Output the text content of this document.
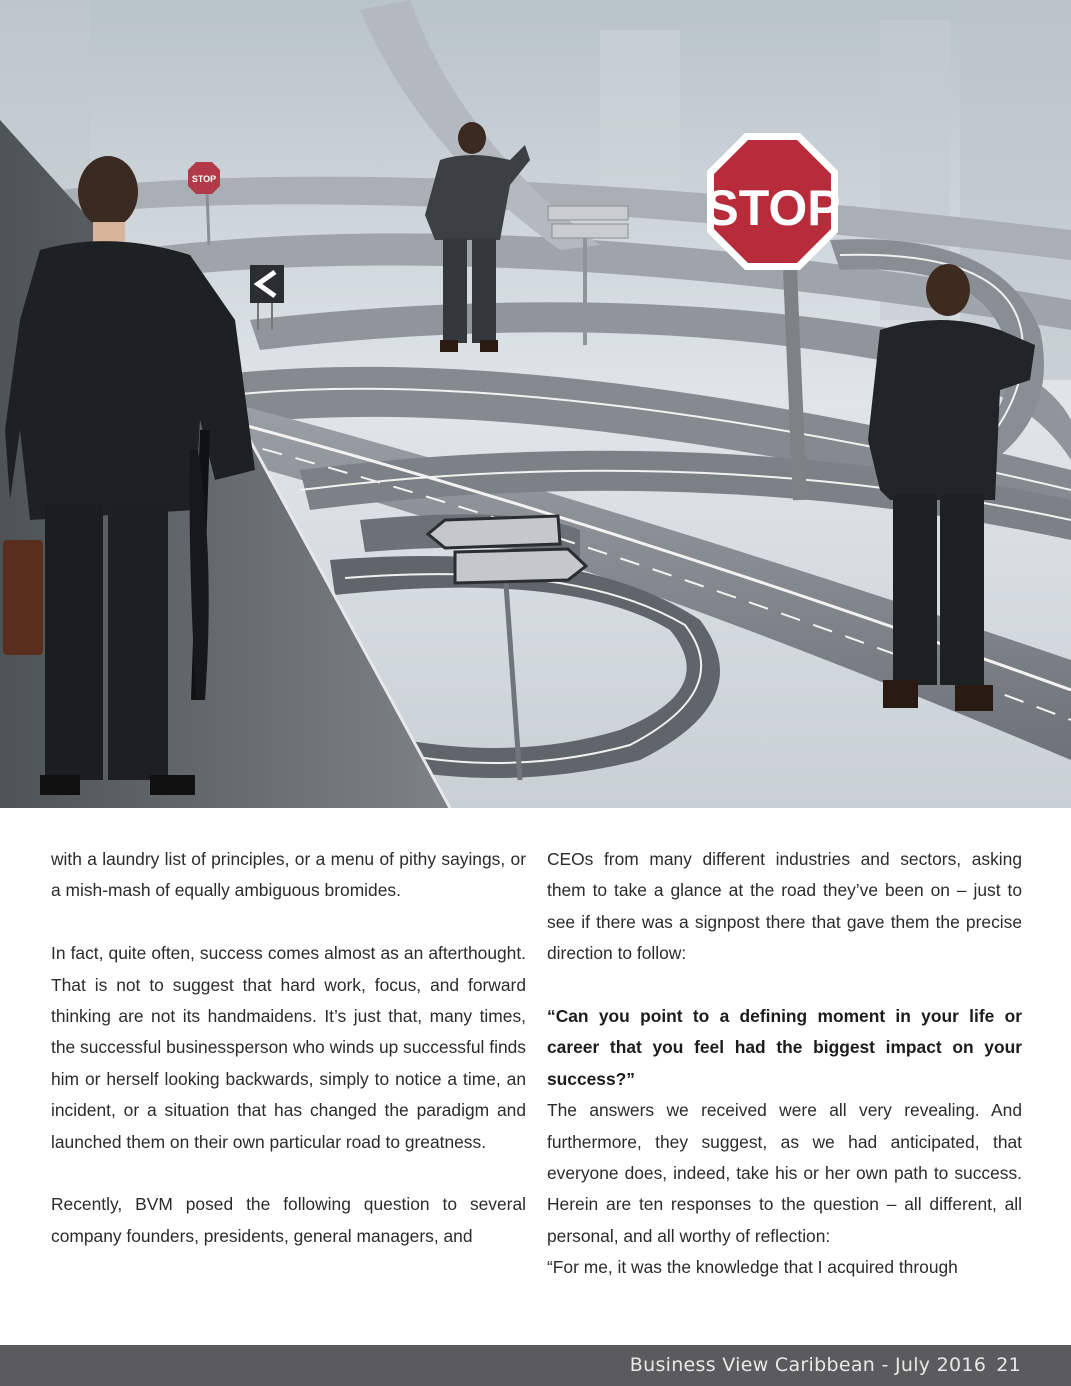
STOP
STOP

with a laundry list of principles, or a menu of pithy sayings, or a mish-mash of equally ambiguous bromides.

In fact, quite often, success comes almost as an afterthought. That is not to suggest that hard work, focus, and forward thinking are not its handmaidens. It’s just that, many times, the successful businessperson who winds up successful finds him or herself looking backwards, simply to notice a time, an incident, or a situation that has changed the paradigm and launched them on their own particular road to greatness.

Recently, BVM posed the following question to several company founders, presidents, general managers, and

CEOs from many different industries and sectors, asking them to take a glance at the road they’ve been on – just to see if there was a signpost there that gave them the precise direction to follow:

“Can you point to a defining moment in your life or career that you feel had the biggest impact on your success?”

The answers we received were all very revealing. And furthermore, they suggest, as we had anticipated, that everyone does, indeed, take his or her own path to success. Herein are ten responses to the question – all different, all personal, and all worthy of reflection:

“For me, it was the knowledge that I acquired through

Business View Caribbean - July 2016 21
